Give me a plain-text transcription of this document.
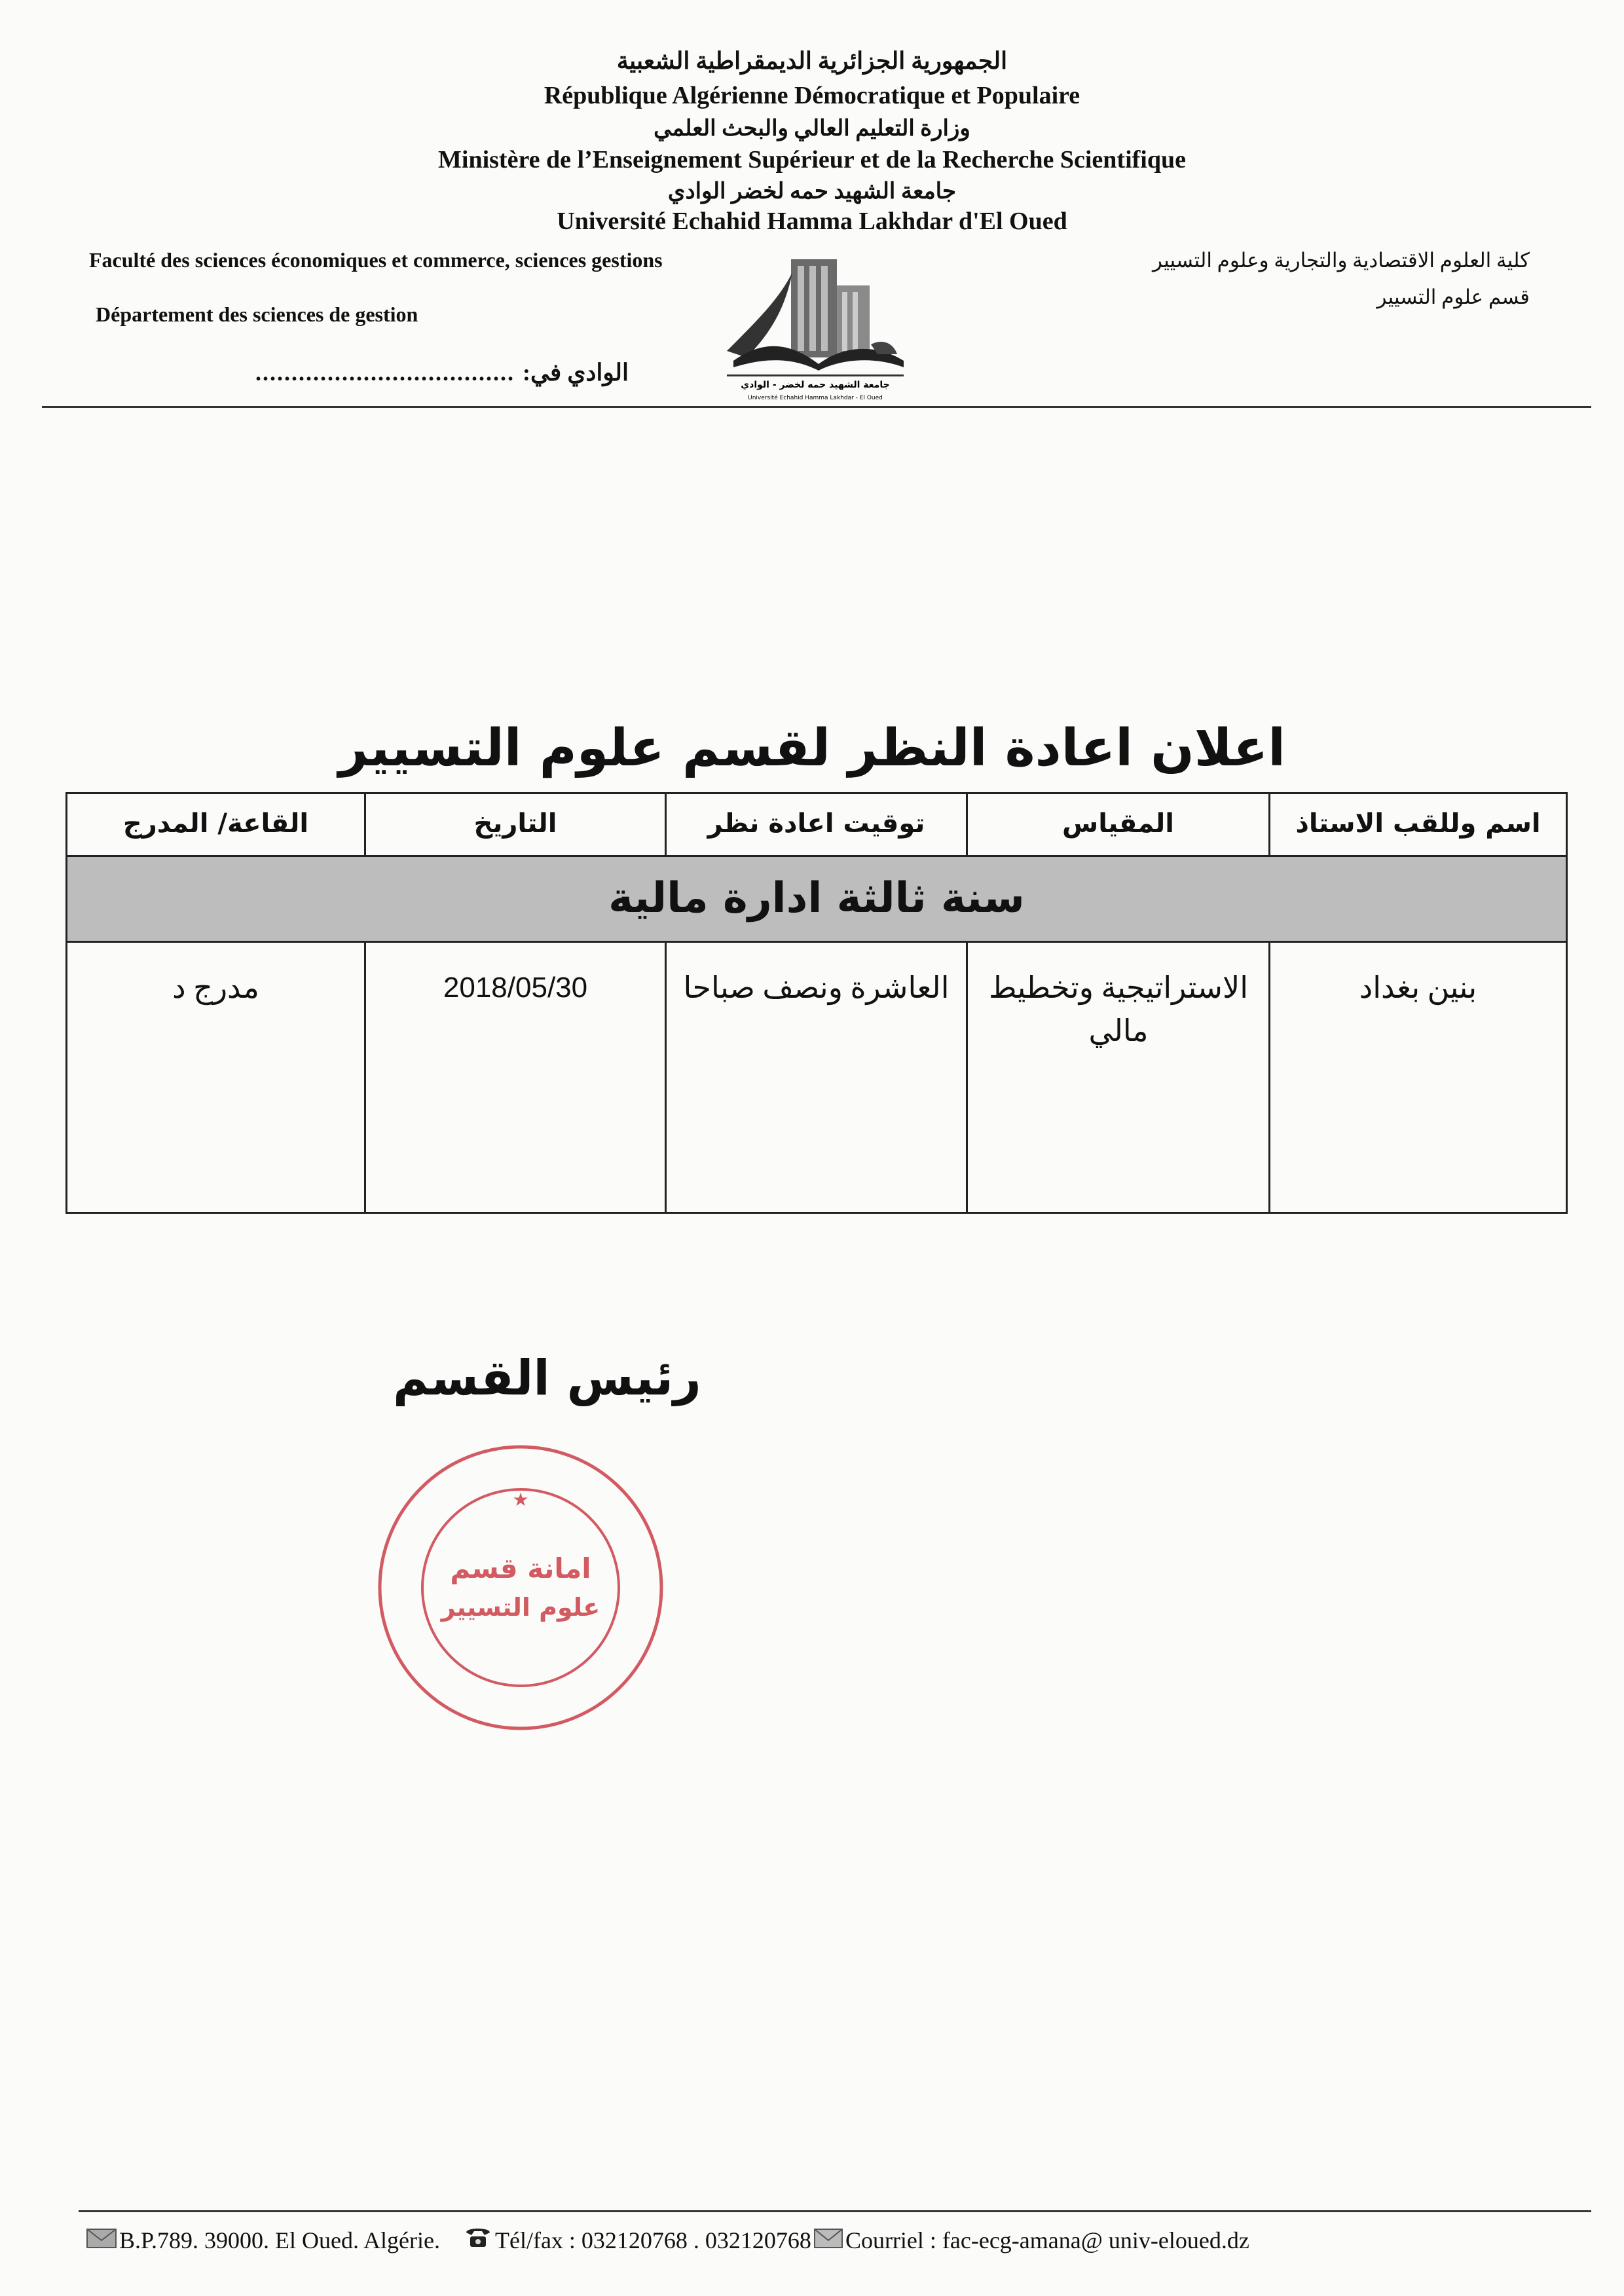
الجمهورية الجزائرية الديمقراطية الشعبية
République Algérienne Démocratique et Populaire
وزارة التعليم العالي والبحث العلمي
Ministère de l’Enseignement Supérieur et de la Recherche Scientifique
جامعة الشهيد حمه لخضر الوادي
Université Echahid Hamma Lakhdar d'El Oued
Faculté des sciences économiques et commerce, sciences gestions
Département des sciences de gestion
كلية العلوم الاقتصادية والتجارية وعلوم التسيير
قسم علوم التسيير
الوادي في:
....................................	جامعة الشهيد حمه لخضر - الوادي
Université Echahid Hamma Lakhdar - El Oued
اعلان اعادة النظر لقسم علوم التسيير
اسم وللقب الاستاذ
المقياس
توقيت اعادة نظر
التاريخ
القاعة/ المدرج
سنة ثالثة ادارة مالية
بنين بغداد
الاستراتيجية وتخطيط مالي
العاشرة ونصف صباحا
2018/05/30
مدرج د
رئيس القسم
امانة قسم
علوم التسيير
★
B.P.789. 39000. El Oued. Algérie. Tél/fax : 032120768 . 032120768 Courriel : fac-ecg-amana@ univ-eloued.dz
